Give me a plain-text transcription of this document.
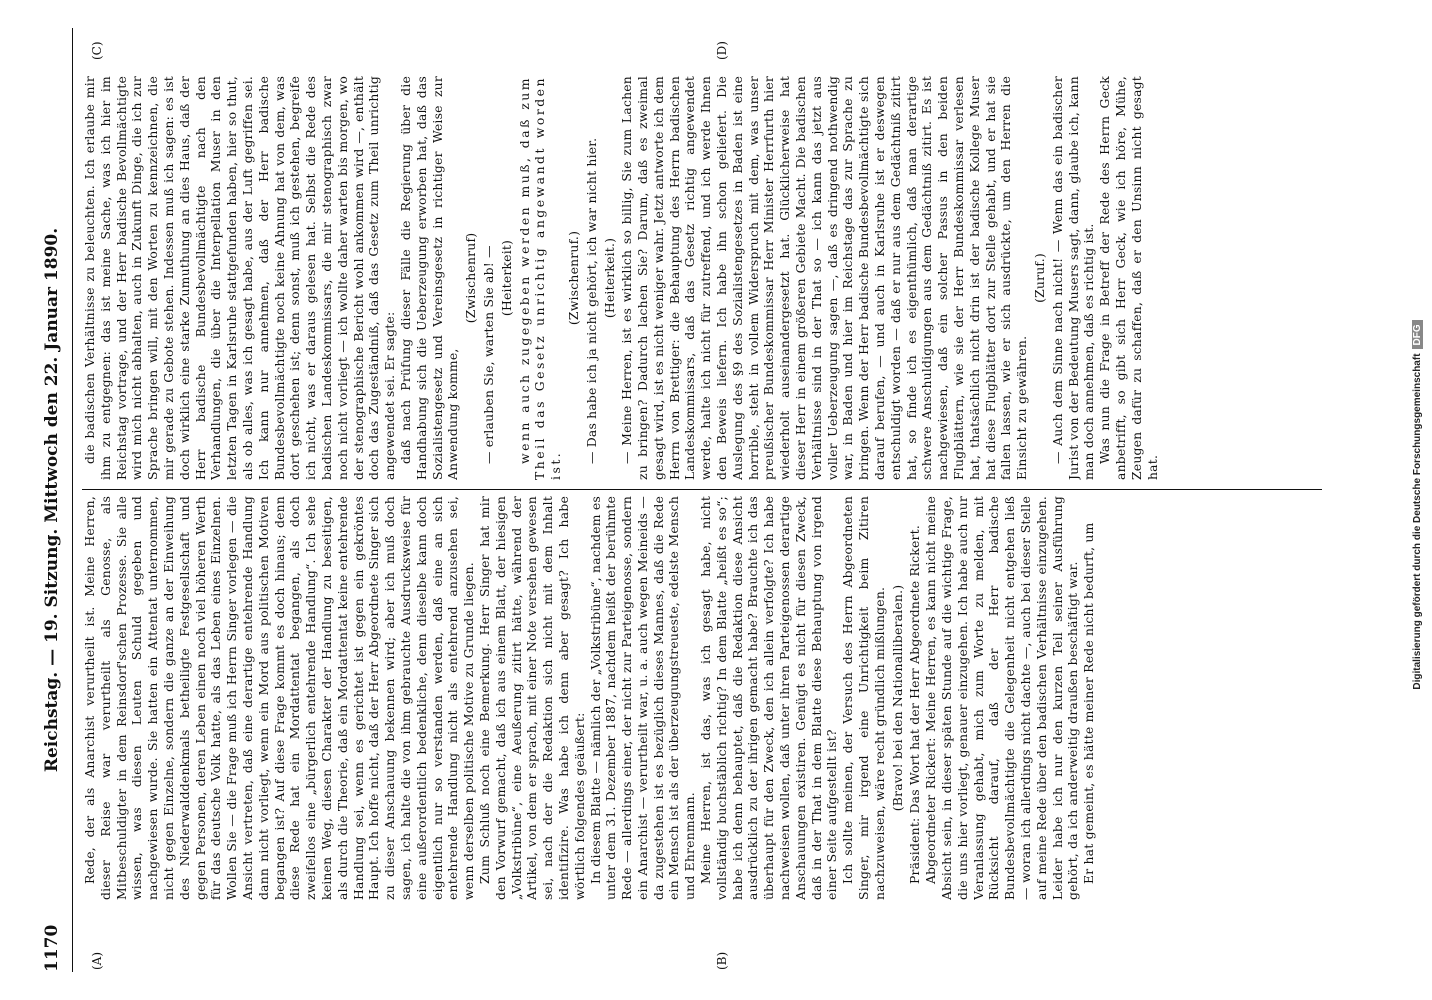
1170
Reichstag. — 19. Sitzung. Mittwoch den 22. Januar 1890.
(A)	(B)
(C)	(D)

Rede, der als Anarchist verurtheilt ist. Meine Herren, dieser Reise war verurtheilt als Genosse, als Mitbeschuldigter in dem Reinsdorf'schen Prozesse. Sie alle wissen, was diesen Leuten Schuld gegeben und nachgewiesen wurde. Sie hatten ein Attentat unternommen, nicht gegen Einzelne, sondern die ganze an der Einweihung des Niederwalddenkmals betheiligte Festgesellschaft und gegen Personen, deren Leben einen noch viel höheren Werth für das deutsche Volk hatte, als das Leben eines Einzelnen. Wollen Sie — die Frage muß ich Herrn Singer vorlegen — die Ansicht vertreten, daß eine derartige entehrende Handlung dann nicht vorliegt, wenn ein Mord aus politischen Motiven begangen ist? Auf diese Frage kommt es doch hinaus; denn diese Rede hat ein Mordattentat begangen, als doch zweifellos eine „bürgerlich entehrende Handlung“. Ich sehe keinen Weg, diesen Charakter der Handlung zu beseitigen, als durch die Theorie, daß ein Mordattentat keine entehrende Handlung sei, wenn es gerichtet ist gegen ein gekröntes Haupt. Ich hoffe nicht, daß der Herr Abgeordnete Singer sich zu dieser Anschauung bekennen wird; aber ich muß doch sagen, ich halte die von ihm gebrauchte Ausdrucksweise für eine außerordentlich bedenkliche, denn dieselbe kann doch eigentlich nur so verstanden werden, daß eine an sich entehrende Handlung nicht als entehrend anzusehen sei, wenn derselben politische Motive zu Grunde liegen. Zum Schluß noch eine Bemerkung. Herr Singer hat mir den Vorwurf gemacht, daß ich aus einem Blatt, der hiesigen „Volkstribüne“, eine Aeußerung zitirt hätte, während der Artikel, von dem er sprach, mit einer Note versehen gewesen sei, nach der die Redaktion sich nicht mit dem Inhalt identifizire. Was habe ich denn aber gesagt? Ich habe wörtlich folgendes geäußert: In diesem Blatte — nämlich der „Volkstribüne“, nachdem es unter dem 31. Dezember 1887, nachdem heißt der berühmte Rede — allerdings einer, der nicht zur Parteigenosse, sondern ein Anarchist — verurtheilt war, u. a. auch wegen Meineids — da zugestehen ist es bezüglich dieses Mannes, daß die Rede ein Mensch ist als der überzeugungstreueste, edelste Mensch und Ehrenmann. Meine Herren, ist das, was ich gesagt habe, nicht vollständig buchstäblich richtig? In dem Blatte „heißt es so“; habe ich denn behauptet, daß die Redaktion diese Ansicht ausdrücklich zu der ihrigen gemacht habe? Brauchte ich das überhaupt für den Zweck, den ich allein verfolgte? Ich habe nachweisen wollen, daß unter ihren Parteigenossen derartige Anschauungen existiren. Genügt es nicht für diesen Zweck, daß in der That in dem Blatte diese Behauptung von irgend einer Seite aufgestellt ist? Ich sollte meinen, der Versuch des Herrn Abgeordneten Singer, mir irgend eine Unrichtigkeit beim Zitiren nachzuweisen, wäre recht gründlich mißlungen. (Bravo! bei den Nationalliberalen.) Präsident: Das Wort hat der Herr Abgeordnete Rickert. Abgeordneter Rickert: Meine Herren, es kann nicht meine Absicht sein, in dieser späten Stunde auf die wichtige Frage, die uns hier vorliegt, genauer einzugehen. Ich habe auch nur Veranlassung gehabt, mich zum Worte zu melden, mit Rücksicht darauf, daß der Herr badische Bundesbevollmächtigte die Gelegenheit nicht entgehen ließ — woran ich allerdings nicht dachte —, auch bei dieser Stelle auf meine Rede über den badischen Verhältnisse einzugehen. Leider habe ich nur den kurzen Teil seiner Ausführung gehört, da ich anderweitig draußen beschäftigt war. Er hat gemeint, es hätte meiner Rede nicht bedurft, um

die badischen Verhältnisse zu beleuchten. Ich erlaube mir ihm zu entgegnen: das ist meine Sache, was ich hier im Reichstag vortrage, und der Herr badische Bevollmächtigte wird mich nicht abhalten, auch in Zukunft Dinge, die ich zur Sprache bringen will, mit den Worten zu kennzeichnen, die mir gerade zu Gebote stehen. Indessen muß ich sagen: es ist doch wirklich eine starke Zumuthung an dies Haus, daß der Herr badische Bundesbevollmächtigte nach den Verhandlungen, die über die Interpellation Muser in den letzten Tagen in Karlsruhe stattgefunden haben, hier so thut, als ob alles, was ich gesagt habe, aus der Luft gegriffen sei. Ich kann nur annehmen, daß der Herr badische Bundesbevollmächtigte noch keine Ahnung hat von dem, was dort geschehen ist; denn sonst, muß ich gestehen, begreife ich nicht, was er daraus gelesen hat. Selbst die Rede des badischen Landeskommissars, die mir stenographisch zwar noch nicht vorliegt — ich wollte daher warten bis morgen, wo der stenographische Bericht wohl ankommen wird —, enthält doch das Zugeständniß, daß das Gesetz zum Theil unrichtig angewendet sei. Er sagte: daß nach Prüfung dieser Fälle die Regierung über die Handhabung sich die Ueberzeugung erworben hat, daß das Sozialistengesetz und Vereinsgesetz in richtiger Weise zur Anwendung komme,

(Zwischenruf) — erlauben Sie, warten Sie ab! — (Heiterkeit) wenn auch zugegeben werden muß, daß zum Theil das Gesetz unrichtig angewandt worden ist.

(Zwischenruf.) — Das habe ich ja nicht gehört, ich war nicht hier. (Heiterkeit.) — Meine Herren, ist es wirklich so billig, Sie zum Lachen zu bringen? Dadurch lachen Sie? Darum, daß es zweimal gesagt wird, ist es nicht weniger wahr. Jetzt antworte ich dem Herrn von Brettiger: die Behauptung des Herrn badischen Landeskommissars, daß das Gesetz richtig angewendet werde, halte ich nicht für zutreffend, und ich werde Ihnen den Beweis liefern. Ich habe ihn schon geliefert. Die Auslegung des §9 des Sozialistengesetzes in Baden ist eine horrible, steht in vollem Widerspruch mit dem, was unser preußischer Bundeskommissar Herr Minister Herrfurth hier wiederholt auseinandergesetzt hat. Glücklicherweise hat dieser Herr in einem größeren Gebiete Macht. Die badischen Verhältnisse sind in der That so — ich kann das jetzt aus voller Ueberzeugung sagen —, daß es dringend nothwendig war, in Baden und hier im Reichstage das zur Sprache zu bringen. Wenn der Herr badische Bundesbevollmächtigte sich darauf berufen, — und auch in Karlsruhe ist er deswegen entschuldigt worden — daß er nur aus dem Gedächtniß zitirt hat, so finde ich es eigenthümlich, daß man derartige schwere Anschuldigungen aus dem Gedächtniß zitirt. Es ist nachgewiesen, daß ein solcher Passus in den beiden Flugblättern, wie sie der Herr Bundeskommissar verlesen hat, thatsächlich nicht drin ist der badische Kollege Muser hat diese Flugblätter dort zur Stelle gehabt, und er hat sie fallen lassen, wie er sich ausdrückte, um den Herren die Einsicht zu gewähren.

(Zuruf.) — Auch dem Sinne nach nicht! — Wenn das ein badischer Jurist von der Bedeutung Musers sagt, dann, glaube ich, kann man doch annehmen, daß es richtig ist. Was nun die Frage in Betreff der Rede des Herrn Geck anbetrifft, so gibt sich Herr Geck, wie ich höre, Mühe, Zeugen dafür zu schaffen, daß er den Unsinn nicht gesagt hat.	Digitalisierung gefördert durch die Deutsche ForschungsgemeinschaftDFG
